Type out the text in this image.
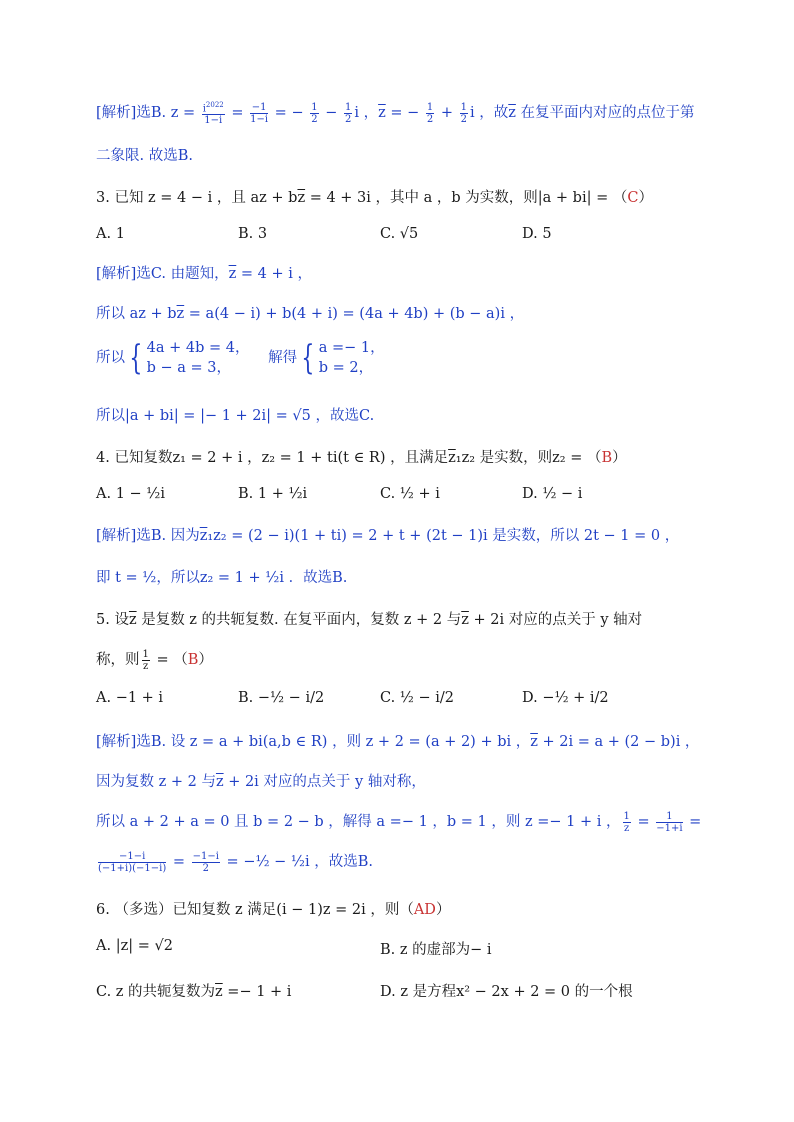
[解析]选B. $z = \frac{i^{2022}}{1-i} = \frac{-1}{1-i}$ = − $\frac{1}{2} - \frac{1}{2}$ i ，$\overline{z}$ = − $\frac{1}{2} + \frac{1}{2}$ i ，故$\overline{z}$ 在复平面内对应的点位于第
二象限. 故选B.
3. 已知 z = 4 − i ，且 az + $b\overline{z} = 4 + 3i$ ，其中 a ，b 为实数，则|a + bi| = （C）
A. 1	B. 3	C. √5	D. 5
[解析]选C. 由题知，$\overline{z} = 4 + i$ ，
所以 az + $b\overline{z} = a(4 - i) + b(4 + i) = (4a + 4b) + (b - a)i$ ，
所以 { 4a + 4b = 4，
b − a = 3，
解得 { a =− 1，
b = 2，
所以|a + bi| = |− 1 + 2i| = √5 ，故选C.
4. 已知复数z₁ = 2 + i ，z₂ = 1 + ti(t ∈ R) ，且满足$\overline{z}_1z_2$ 是实数，则z₂ = （B）
A. 1 − ½i	B. 1 + ½i	C. ½ + i	D. ½ − i
[解析]选B. 因为$\overline{z}_1z_2 = (2 - i)(1 + ti) = 2 + t + (2t - 1)i$ 是实数，所以 2t − 1 = 0 ，
即 t = ½，所以z₂ = 1 + ½i ．故选B.
5. 设$\overline{z}$ 是复数 z 的共轭复数. 在复平面内，复数 z + 2 与$\overline{z} + 2i$ 对应的点关于 y 轴对
称，则 $\frac{1}{z} = (B)$
A. −1 + i	B. −½ − i/2	C. ½ − i/2	D. −½ + i/2
[解析]选B. 设 z = a + bi(a,b ∈ R) ，则 z + 2 = (a + 2) + bi ，$\overline{z} + 2i = a + (2 - b)i$ ，
因为复数 z + 2 与$\overline{z} + 2i$ 对应的点关于 y 轴对称，
所以 a + 2 + a = 0 且 b = 2 − b ，解得 a =− 1 ，b = 1 ，则 z =− 1 + i ， $\frac{1}{z} = \frac{1}{-1+i}$ =
$\frac{-1-i}{(-1+i)(-1-i)} = \frac{-1-i}{2}$ = −½ − ½i ，故选B.
6. （多选）已知复数 z 满足(i − 1)z = 2i ，则（AD）
A. |z| = √2	B. z 的虚部为− i
C. z 的共轭复数为$\overline{z} =- 1 + i$	D. z 是方程x² − 2x + 2 = 0 的一个根
